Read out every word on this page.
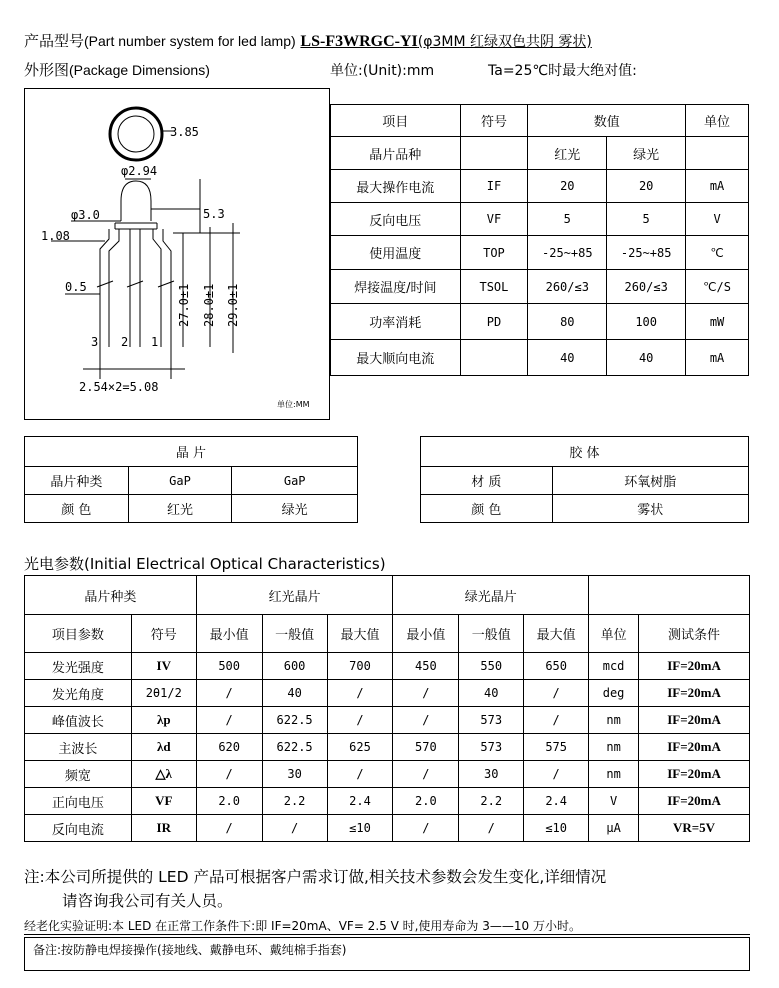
产品型号(Part number system for led lamp) LS-F3WRGC-YI(φ3MM 红绿双色共阴 雾状)
外形图(Package Dimensions)	单位:(Unit):mm	Ta=25℃时最大绝对值:
3.85
φ2.94
φ3.0	5.3
1.08
0.5	27.0±1 28.0±1 29.0±1
3 2 1
2.54×2=5.08
单位:MM
项目	符号	数值		单位
晶片品种		红光	绿光	
最大操作电流	IF	20	20	mA
反向电压	VF	5	5	V
使用温度	TOP	-25~+85	-25~+85	℃
焊接温度/时间	TSOL	260/≤3	260/≤3	℃/S
功率消耗	PD	80	100	mW
最大顺向电流		40	40	mA
晶 片		
晶片种类	GaP	GaP
颜 色	红光	绿光
胶 体	
材 质	环氧树脂
颜 色	雾状
光电参数(Initial Electrical Optical Characteristics)
晶片种类		红光晶片			绿光晶片				
项目参数	符号	最小值	一般值	最大值	最小值	一般值	最大值	单位	测试条件
发光强度	IV	500	600	700	450	550	650	mcd	IF=20mA
发光角度	2θ1/2	/	40	/	/	40	/	deg	IF=20mA
峰值波长	λp	/	622.5	/	/	573	/	nm	IF=20mA
主波长	λd	620	622.5	625	570	573	575	nm	IF=20mA
频宽	△λ	/	30	/	/	30	/	nm	IF=20mA
正向电压	VF	2.0	2.2	2.4	2.0	2.2	2.4	V	IF=20mA
反向电流	IR	/	/	≤10	/	/	≤10	μA	VR=5V
注:本公司所提供的 LED 产品可根据客户需求订做,相关技术参数会发生变化,详细情况
请咨询我公司有关人员。
经老化实验证明:本 LED 在正常工作条件下:即 IF=20mA、VF= 2.5 V 时,使用寿命为 3——10 万小时。
备注:按防静电焊接操作(接地线、戴静电环、戴纯棉手指套)
